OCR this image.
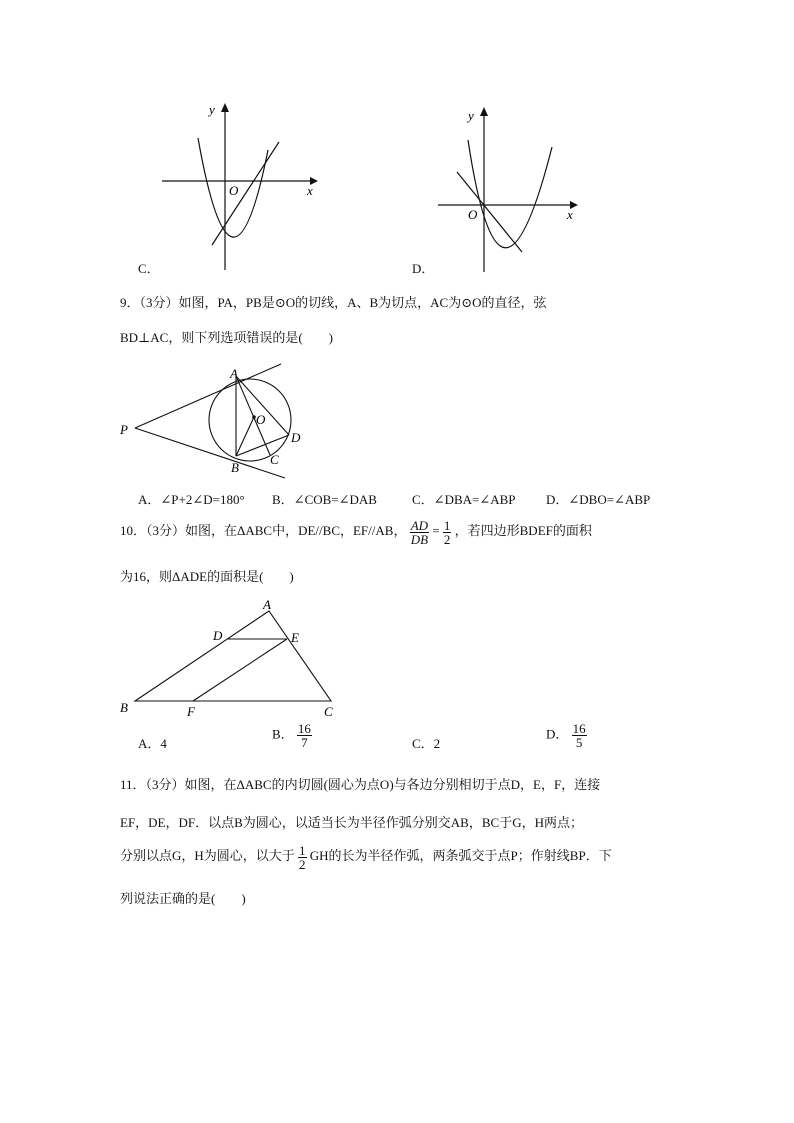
y
x
O
C．
y
x
O
D．
9．（3分）如图，PA，PB是⊙O的切线，A、B为切点，AC为⊙O的直径，弦
BD⊥AC，则下列选项错误的是(　　)
A
B
C
D
O
P
A．∠P+2∠D=180° B．∠COB=∠DAB	C．∠DBA=∠ABP D．∠DBO=∠ABP
10．（3分）如图，在ΔABC中，DE//BC，EF//AB， $\frac{AD}{DB} = \frac{1}{2}$ ，若四边形BDEF的面积
为16，则ΔADE的面积是(　　)
A
D	E
B	F	C
A．4
B． $\frac{16}{7}$	C．2
D． $\frac{16}{5}$
11．（3分）如图，在ΔABC的内切圆(圆心为点O)与各边分别相切于点D，E，F，连接
EF，DE，DF．以点B为圆心，以适当长为半径作弧分别交AB，BC于G，H两点；
分别以点G，H为圆心，以大于 $\frac{1}{2}$ GH的长为半径作弧，两条弧交于点P；作射线BP．下
列说法正确的是(　　)
